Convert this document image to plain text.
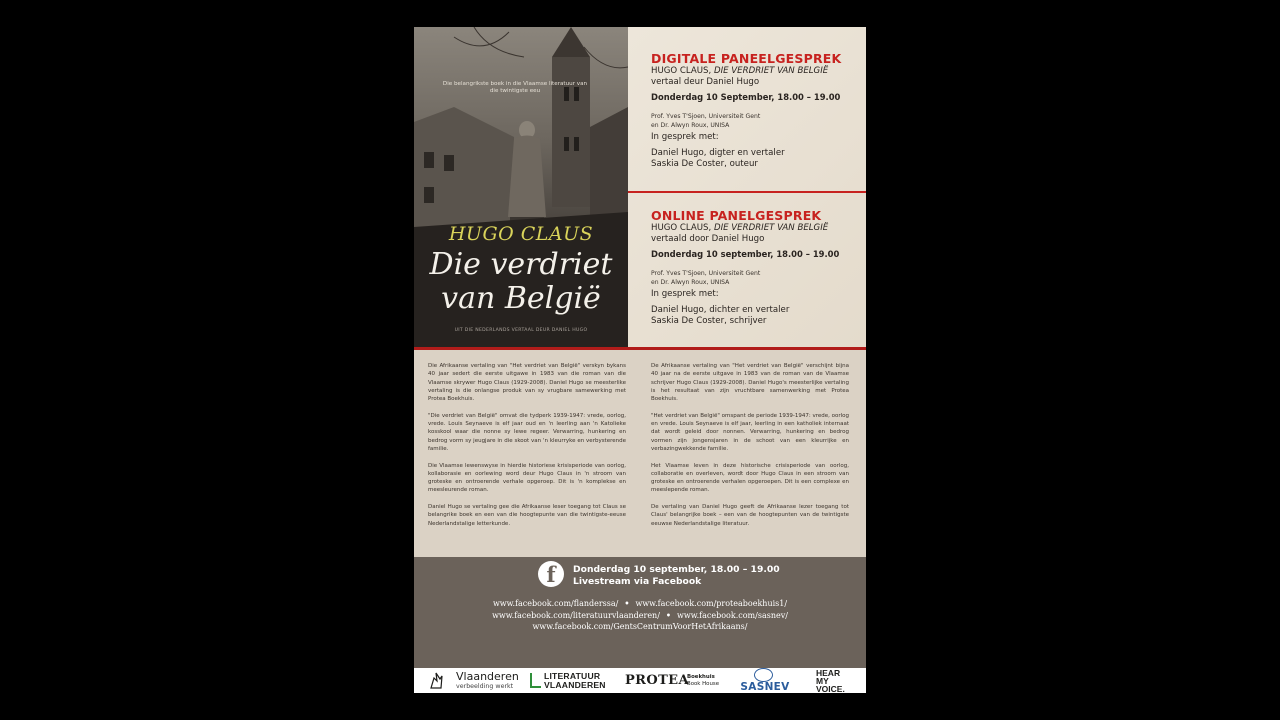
Die belangrikste boek in die Vlaamse literatuur van die twintigste eeu
HUGO CLAUS
Die verdriet
van België
UIT DIE NEDERLANDS VERTAAL DEUR DANIEL HUGO
DIGITALE PANEELGESPREK
HUGO CLAUS, DIE VERDRIET VAN BELGIË
vertaal deur Daniel Hugo
Donderdag 10 September, 18.00 – 19.00
Prof. Yves T'Sjoen, Universiteit Gent
en Dr. Alwyn Roux, UNISA
In gesprek met:
Daniel Hugo, digter en vertaler
Saskia De Coster, outeur
ONLINE PANELGESPREK
HUGO CLAUS, DIE VERDRIET VAN BELGIË
vertaald door Daniel Hugo
Donderdag 10 september, 18.00 – 19.00
Prof. Yves T'Sjoen, Universiteit Gent
en Dr. Alwyn Roux, UNISA
In gesprek met:
Daniel Hugo, dichter en vertaler
Saskia De Coster, schrijver

Die Afrikaanse vertaling van "Het verdriet van België" verskyn bykans 40 jaar sedert die eerste uitgawe in 1983 van die roman van die Vlaamse skrywer Hugo Claus (1929-2008). Daniel Hugo se meesterlike vertaling is die onlangse produk van sy vrugbare samewerking met Protea Boekhuis.

"Die verdriet van België" omvat die tydperk 1939-1947: vrede, oorlog, vrede. Louis Seynaeve is elf jaar oud en 'n leerling aan 'n Katolieke kosskool waar die nonne sy lewe regeer. Verwarring, hunkering en bedrog vorm sy jeugjare in die skoot van 'n kleurryke en verbysterende familie.

Die Vlaamse lewenswyse in hierdie historiese krisisperiode van oorlog, kollaborasie en oorlewing word deur Hugo Claus in 'n stroom van groteske en ontroerende verhale opgeroep. Dit is 'n komplekse en meesleurende roman.

Daniel Hugo se vertaling gee die Afrikaanse leser toegang tot Claus se belangrike boek en een van die hoogtepunte van die twintigste-eeuse Nederlandstalige letterkunde.

De Afrikaanse vertaling van "Het verdriet van België" verschijnt bijna 40 jaar na de eerste uitgave in 1983 van de roman van de Vlaamse schrijver Hugo Claus (1929-2008). Daniel Hugo's meesterlijke vertaling is het resultaat van zijn vruchtbare samenwerking met Protea Boekhuis.

"Het verdriet van België" omspant de periode 1939-1947: vrede, oorlog en vrede. Louis Seynaeve is elf jaar, leerling in een katholiek internaat dat wordt geleid door nonnen. Verwarring, hunkering en bedrog vormen zijn jongensjaren in de schoot van een kleurrijke en verbazingwekkende familie.

Het Vlaamse leven in deze historische crisisperiode van oorlog, collaboratie en overleven, wordt door Hugo Claus in een stroom van groteske en ontroerende verhalen opgeroepen. Dit is een complexe en meeslepende roman.

De vertaling van Daniel Hugo geeft de Afrikaanse lezer toegang tot Claus' belangrijke boek – een van de hoogtepunten van de twintigste eeuwse Nederlandstalige literatuur.

f	Donderdag 10 september, 18.00 – 19.00
Livestream via Facebook
www.facebook.com/flanderssa/ • www.facebook.com/proteaboekhuis1/
www.facebook.com/literatuurvlaanderen/ • www.facebook.com/sasnev/
www.facebook.com/GentsCentrumVoorHetAfrikaans/
Vlaanderen
verbeelding werkt
LITERATUUR
VLAANDEREN PROTEA
Boekhuis
Book House	SASNEV
HEAR
MY
VOICE.
